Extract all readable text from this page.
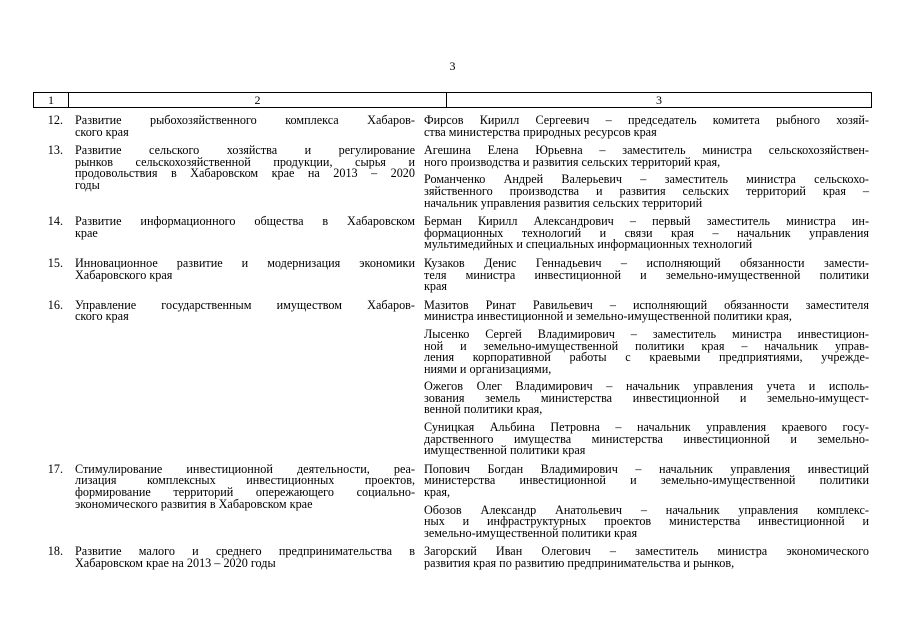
3
1	2	3
12. Развитие рыбохозяйственного комплекса Хабаров-
ского края
Фирсов Кирилл Сергеевич – председатель комитета рыбного хозяй-
ства министерства природных ресурсов края
13. Развитие сельского хозяйства и регулирование
рынков сельскохозяйственной продукции, сырья и
продовольствия в Хабаровском крае на 2013 – 2020
годы
Агешина Елена Юрьевна – заместитель министра сельскохозяйствен-
ного производства и развития сельских территорий края,
Романченко Андрей Валерьевич – заместитель министра сельскохо-
зяйственного производства и развития сельских территорий края –
начальник управления развития сельских территорий
14. Развитие информационного общества в Хабаровском
крае
Берман Кирилл Александрович – первый заместитель министра ин-
формационных технологий и связи края – начальник управления
мультимедийных и специальных информационных технологий
15. Инновационное развитие и модернизация экономики
Хабаровского края
Кузаков Денис Геннадьевич – исполняющий обязанности замести-
теля министра инвестиционной и земельно-имущественной политики
края
16. Управление государственным имуществом Хабаров-
ского края
Мазитов Ринат Равильевич – исполняющий обязанности заместителя
министра инвестиционной и земельно-имущественной политики края,
Лысенко Сергей Владимирович – заместитель министра инвестицион-
ной и земельно-имущественной политики края – начальник управ-
ления корпоративной работы с краевыми предприятиями, учрежде-
ниями и организациями,
Ожегов Олег Владимирович – начальник управления учета и исполь-
зования земель министерства инвестиционной и земельно-имущест-
венной политики края,
Суницкая Альбина Петровна – начальник управления краевого госу-
дарственного имущества министерства инвестиционной и земельно-
имущественной политики края
17. Стимулирование инвестиционной деятельности, реа-
лизация комплексных инвестиционных проектов,
формирование территорий опережающего социально-
экономического развития в Хабаровском крае
Попович Богдан Владимирович – начальник управления инвестиций
министерства инвестиционной и земельно-имущественной политики
края,
Обозов Александр Анатольевич – начальник управления комплекс-
ных и инфраструктурных проектов министерства инвестиционной и
земельно-имущественной политики края
18. Развитие малого и среднего предпринимательства в
Хабаровском крае на 2013 – 2020 годы
Загорский Иван Олегович – заместитель министра экономического
развития края по развитию предпринимательства и рынков,
